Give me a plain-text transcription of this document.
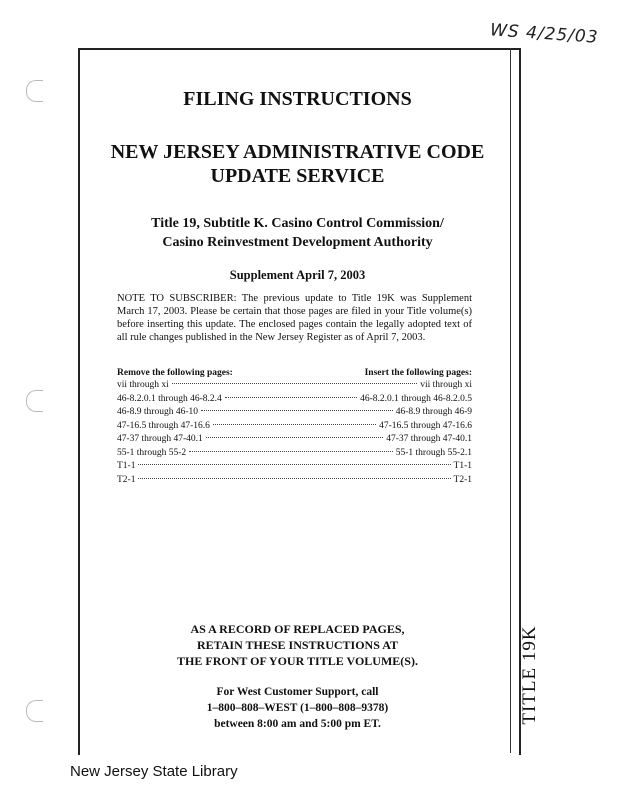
WS 4/25/03
FILING INSTRUCTIONS
NEW JERSEY ADMINISTRATIVE CODE
UPDATE SERVICE
Title 19, Subtitle K. Casino Control Commission/
Casino Reinvestment Development Authority
Supplement April 7, 2003
NOTE TO SUBSCRIBER: The previous update to Title 19K was Supplement March 17, 2003. Please be certain that those pages are filed in your Title volume(s) before inserting this update. The enclosed pages contain the legally adopted text of all rule changes published in the New Jersey Register as of April 7, 2003.
Remove the following pages:	Insert the following pages:
vii through xi	vii through xi
46-8.2.0.1 through 46-8.2.4	46-8.2.0.1 through 46-8.2.0.5
46-8.9 through 46-10	46-8.9 through 46-9
47-16.5 through 47-16.6	47-16.5 through 47-16.6
47-37 through 47-40.1	47-37 through 47-40.1
55-1 through 55-2	55-1 through 55-2.1
T1-1	T1-1
T2-1	T2-1
AS A RECORD OF REPLACED PAGES,
RETAIN THESE INSTRUCTIONS AT
THE FRONT OF YOUR TITLE VOLUME(S).
For West Customer Support, call
1–800–808–WEST (1–800–808–9378)
between 8:00 am and 5:00 pm ET.	TITLE 19K
New Jersey State Library
